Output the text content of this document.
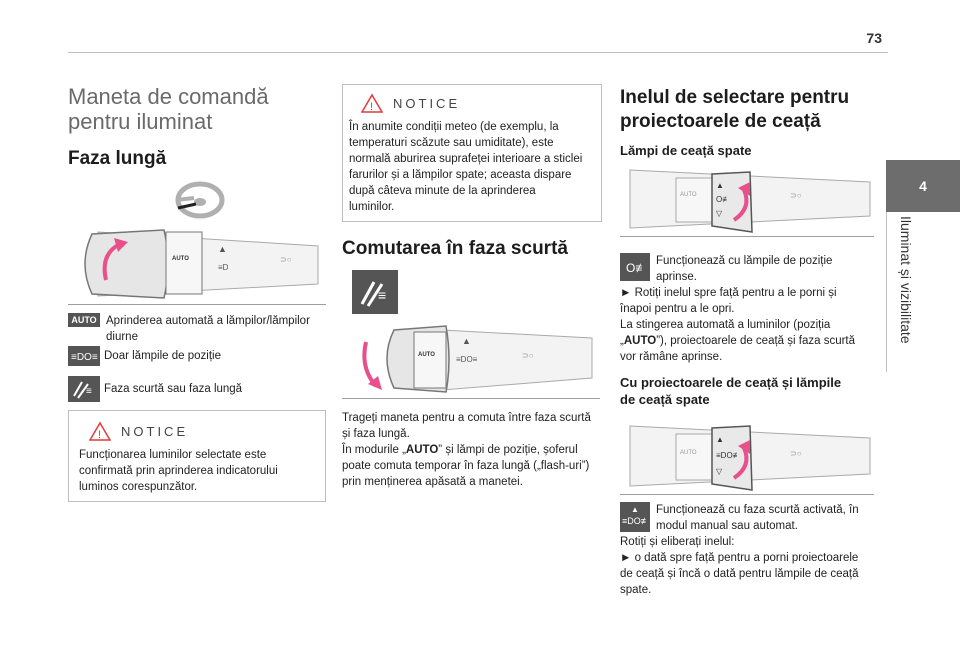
73
4
Iluminat și vizibilitate
Maneta de comandă
pentru iluminat
Faza lungă
AUTO
▲
≡D
⊃○
AUTO Aprinderea automată a lămpilor/lămpilor
diurne
≡DO≡ Doar lămpile de poziție
≡ Faza scurtă sau faza lungă
! NOTICE
Funcționarea luminilor selectate este
confirmată prin aprinderea indicatorului
luminos corespunzător.
! NOTICE
În anumite condiții meteo (de exemplu, la
temperaturi scăzute sau umiditate), este
normală aburirea suprafeței interioare a sticlei
farurilor și a lămpilor spate; aceasta dispare
după câteva minute de la aprinderea
luminilor.
Comutarea în faza scurtă
≡
AUTO
▲
≡DO≡	⊃○
Trageți maneta pentru a comuta între faza scurtă
și faza lungă.
În modurile „AUTO” și lămpi de poziție, șoferul
poate comuta temporar în faza lungă („flash-uri”)
prin menținerea apăsată a manetei.
Inelul de selectare pentru
proiectoarele de ceață
Lămpi de ceață spate
AUTO
▲
O≢
▽
⊃○
O≢ Funcționează cu lămpile de poziție
aprinse.
► Rotiți inelul spre față pentru a le porni și
înapoi pentru a le opri.
La stingerea automată a luminilor (poziția
„AUTO”), proiectoarele de ceață și faza scurtă
vor rămâne aprinse.
Cu proiectoarele de ceață și lămpile
de ceață spate
AUTO
▲
≡DO≢
▽
⊃○
▲
≡DO≢
Funcționează cu faza scurtă activată, în
modul manual sau automat.
Rotiți și eliberați inelul:
► o dată spre față pentru a porni proiectoarele
de ceață și încă o dată pentru lămpile de ceață
spate.
